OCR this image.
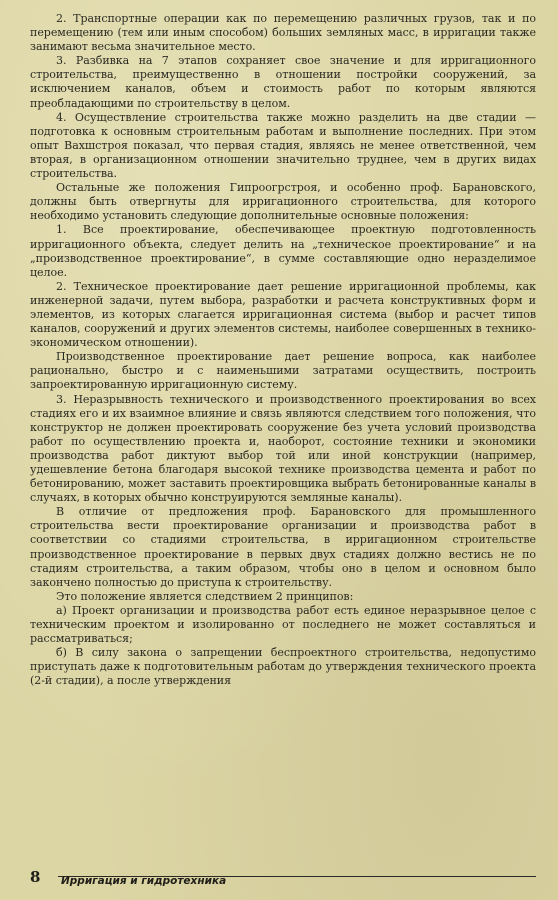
2. Транспортные операции как по перемещению различных грузов, так и по перемещению (тем или иным способом) больших земляных масс, в ирригации также занимают весьма значительное место.

3. Разбивка на 7 этапов сохраняет свое значение и для ирригационного строительства, преимущественно в отношении постройки сооружений, за исключением каналов, объем и стоимость работ по которым являются преобладающими по строительству в целом.

4. Осуществление строительства также можно разделить на две стадии — подготовка к основным строительным работам и выполнение последних. При этом опыт Вахшстроя показал, что первая стадия, являясь не менее ответственной, чем вторая, в организационном отношении значительно труднее, чем в других видах строительства.

Остальные же положения Гипроогрстроя, и особенно проф. Барановского, должны быть отвергнуты для ирригационного строительства, для которого необходимо установить следующие дополнительные основные положения:

1. Все проектирование, обеспечивающее проектную подготовленность ирригационного объекта, следует делить на „техническое проектирование“ и на „производственное проектирование“, в сумме составляющие одно неразделимое целое.

2. Техническое проектирование дает решение ирригационной проблемы, как инженерной задачи, путем выбора, разработки и расчета конструктивных форм и элементов, из которых слагается ирригационная система (выбор и расчет типов каналов, сооружений и других элементов системы, наиболее совершенных в технико-экономическом отношении).

Производственное проектирование дает решение вопроса, как наиболее рационально, быстро и с наименьшими затратами осуществить, построить запроектированную ирригационную систему.

3. Неразрывность технического и производственного проектирования во всех стадиях его и их взаимное влияние и связь являются следствием того положения, что конструктор не должен проектировать сооружение без учета условий производства работ по осуществлению проекта и, наоборот, состояние техники и экономики производства работ диктуют выбор той или иной конструкции (например, удешевление бетона благодаря высокой технике производства цемента и работ по бетонированию, может заставить проектировщика выбрать бетонированные каналы в случаях, в которых обычно конструируются земляные каналы).

В отличие от предложения проф. Барановского для промышленного строительства вести проектирование организации и производства работ в соответствии со стадиями строительства, в ирригационном строительстве производственное проектирование в первых двух стадиях должно вестись не по стадиям строительства, а таким образом, чтобы оно в целом и основном было закончено полностью до приступа к строительству.

Это положение является следствием 2 принципов:

а) Проект организации и производства работ есть единое неразрывное целое с техническим проектом и изолированно от последнего не может составляться и рассматриваться;

б) В силу закона о запрещении беспроектного строительства, недопустимо приступать даже к подготовительным работам до утверждения технического проекта (2-й стадии), а после утверждения

8 Ирригация и гидротехника
